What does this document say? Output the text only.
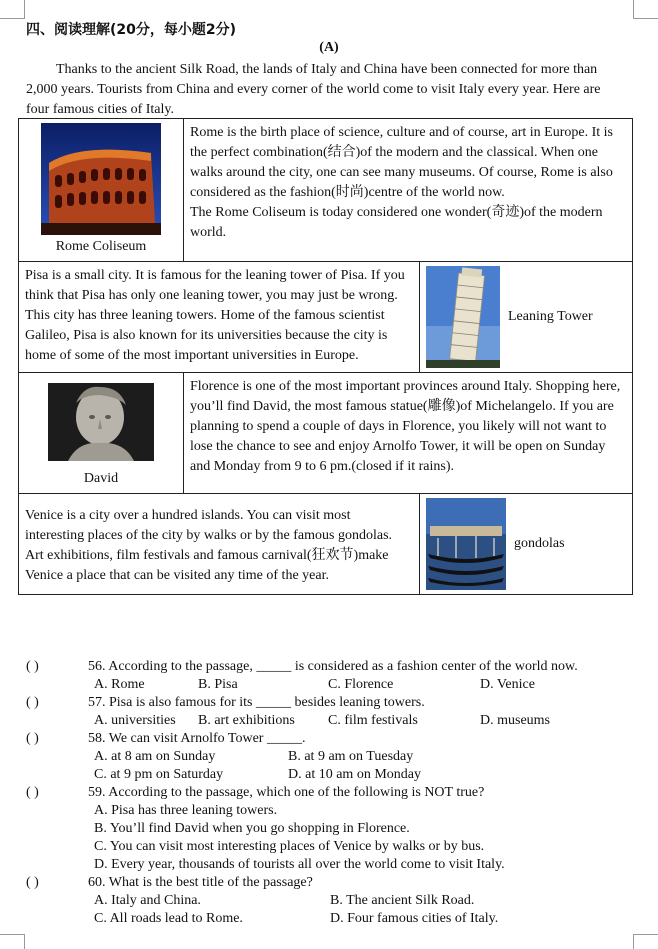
四、阅读理解(20分，每小题2分)
(A)
Thanks to the ancient Silk Road, the lands of Italy and China have been connected for more than 2,000 years. Tourists from China and every corner of the world come to visit Italy every year. Here are four famous cities of Italy.
Rome Coliseum	Rome is the birth place of science, culture and of course, art in Europe. It is the perfect combination(结合)of the modern and the classical. When one walks around the city, one can see many museums. Of course, Rome is also considered as the fashion(时尚)centre of the world now.
The Rome Coliseum is today considered one wonder(奇迹)of the modern world.	

Pisa is a small city. It is famous for the leaning tower of Pisa. If you think that Pisa has only one leaning tower, you may just be wrong. This city has three leaning towers. Home of the famous scientist Galileo, Pisa is also known for its universities because the city is home of some of the most important universities in Europe.		Leaning Tower

David	Florence is one of the most important provinces around Italy. Shopping here, you’ll find David, the most famous statue(雕像)of Michelangelo. If you are planning to spend a couple of days in Florence, you likely will not want to lose the chance to see and enjoy Arnolfo Tower, it will be open on Sunday and Monday from 9 to 6 pm.(closed if it rains).	

Venice is a city over a hundred islands. You can visit most interesting places of the city by walks or by the famous gondolas. Art exhibitions, film festivals and famous carnival(狂欢节)make Venice a place that can be visited any time of the year.		gondolas
( )	56. According to the passage, _____ is considered as a fashion center of the world now.
A. Rome	B. Pisa	C. Florence	D. Venice
( )	57. Pisa is also famous for its _____ besides leaning towers.
A. universities	B. art exhibitions	C. film festivals	D. museums
( )	58. We can visit Arnolfo Tower _____.
A. at 8 am on Sunday	B. at 9 am on Tuesday
C. at 9 pm on Saturday	D. at 10 am on Monday
( )	59. According to the passage, which one of the following is NOT true?
A. Pisa has three leaning towers.
B. You’ll find David when you go shopping in Florence.
C. You can visit most interesting places of Venice by walks or by bus.
D. Every year, thousands of tourists all over the world come to visit Italy.
( )	60. What is the best title of the passage?
A. Italy and China.	B. The ancient Silk Road.
C. All roads lead to Rome.	D. Four famous cities of Italy.
